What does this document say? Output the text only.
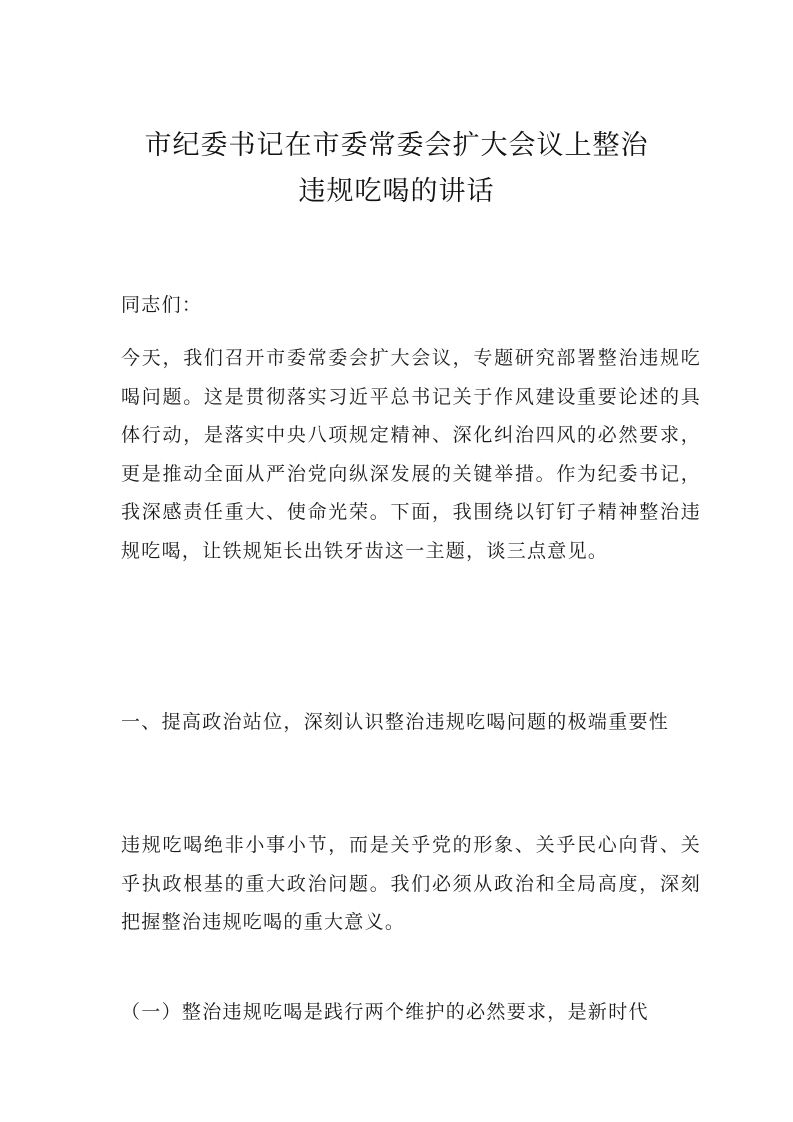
市纪委书记在市委常委会扩大会议上整治
违规吃喝的讲话
同志们：
今天，我们召开市委常委会扩大会议，专题研究部署整治违规吃喝问题。这是贯彻落实习近平总书记关于作风建设重要论述的具体行动，是落实中央八项规定精神、深化纠治四风的必然要求，更是推动全面从严治党向纵深发展的关键举措。作为纪委书记，我深感责任重大、使命光荣。下面，我围绕以钉钉子精神整治违规吃喝，让铁规矩长出铁牙齿这一主题，谈三点意见。
一、提高政治站位，深刻认识整治违规吃喝问题的极端重要性
违规吃喝绝非小事小节，而是关乎党的形象、关乎民心向背、关乎执政根基的重大政治问题。我们必须从政治和全局高度，深刻把握整治违规吃喝的重大意义。
（一）整治违规吃喝是践行两个维护的必然要求，是新时代
